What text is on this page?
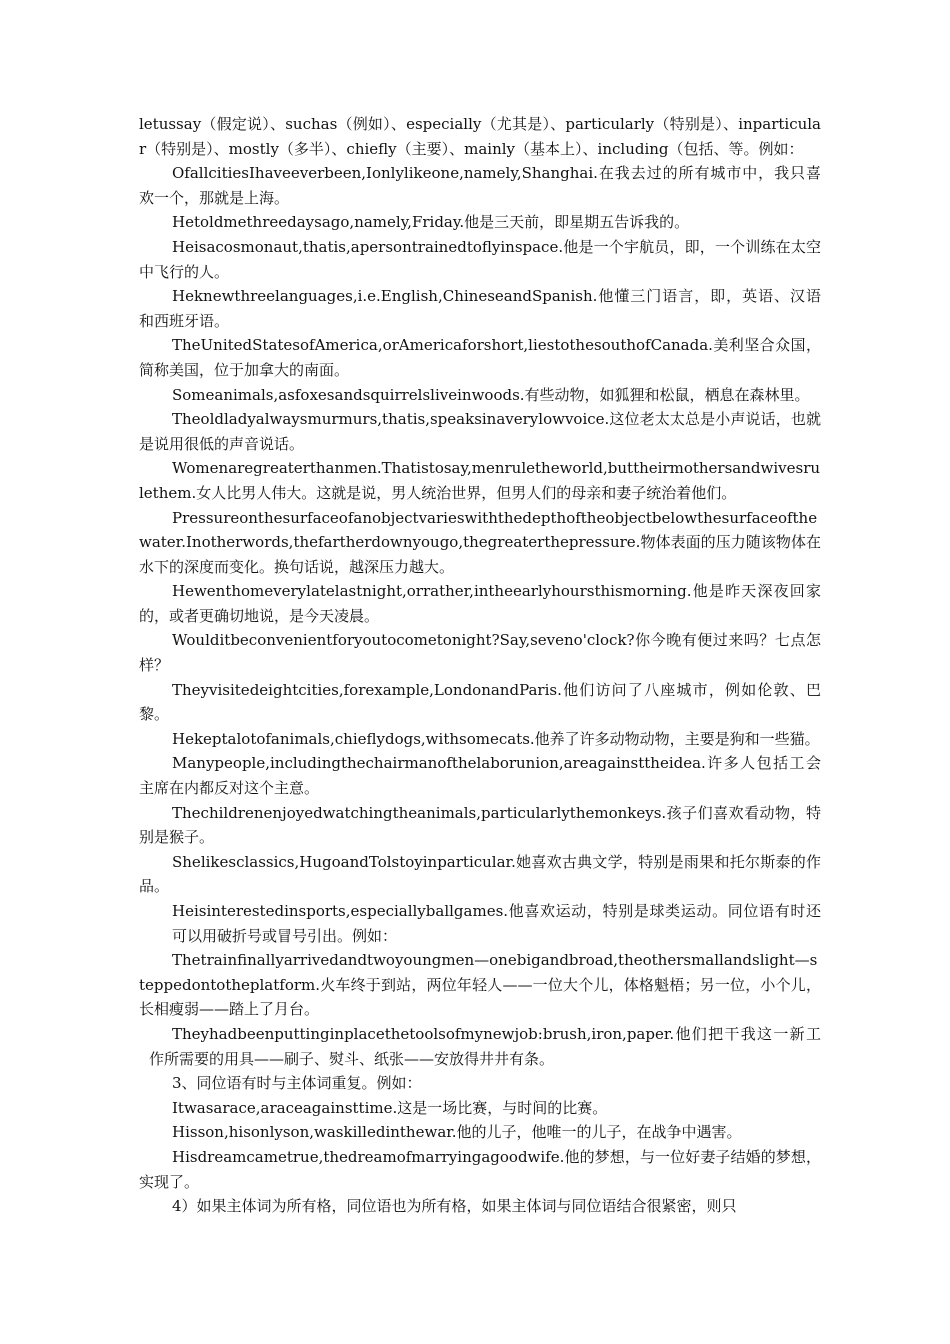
letussay（假定说）、suchas（例如）、especially（尤其是）、particularly（特别是）、inparticular（特别是）、mostly（多半）、chiefly（主要）、mainly（基本上）、including（包括、等。例如：

OfallcitiesIhaveeverbeen,Ionlylikeone,namely,Shanghai.在我去过的所有城市中，我只喜欢一个，那就是上海。

Hetoldmethreedaysago,namely,Friday.他是三天前，即星期五告诉我的。

Heisacosmonaut,thatis,apersontrainedtoflyinspace.他是一个宇航员，即，一个训练在太空中飞行的人。

Heknewthreelanguages,i.e.English,ChineseandSpanish.他懂三门语言，即，英语、汉语和西班牙语。

TheUnitedStatesofAmerica,orAmericaforshort,liestothesouthofCanada.美利坚合众国，简称美国，位于加拿大的南面。

Someanimals,asfoxesandsquirrelsliveinwoods.有些动物，如狐狸和松鼠，栖息在森林里。

Theoldladyalwaysmurmurs,thatis,speaksinaverylowvoice.这位老太太总是小声说话，也就是说用很低的声音说话。

Womenaregreaterthanmen.Thatistosay,menruletheworld,buttheirmothersandwivesrulethem.女人比男人伟大。这就是说，男人统治世界，但男人们的母亲和妻子统治着他们。

Pressureonthesurfaceofanobjectvarieswiththedepthoftheobjectbelowthesurfaceofthewater.Inotherwords,thefartherdownyougo,thegreaterthepressure.物体表面的压力随该物体在水下的深度而变化。换句话说，越深压力越大。

Hewenthomeverylatelastnight,orrather,intheearlyhoursthismorning.他是昨天深夜回家的，或者更确切地说，是今天凌晨。

Woulditbeconvenientforyoutocometonight?Say,seveno'clock?你今晚有便过来吗？七点怎样？

Theyvisitedeightcities,forexample,LondonandParis.他们访问了八座城市，例如伦敦、巴黎。

Hekeptalotofanimals,chieflydogs,withsomecats.他养了许多动物动物，主要是狗和一些猫。

Manypeople,includingthechairmanofthelaborunion,areagainsttheidea.许多人包括工会主席在内都反对这个主意。

Thechildrenenjoyedwatchingtheanimals,particularlythemonkeys.孩子们喜欢看动物，特别是猴子。

Shelikesclassics,HugoandTolstoyinparticular.她喜欢古典文学，特别是雨果和托尔斯泰的作品。

Heisinterestedinsports,especiallyballgames.他喜欢运动，特别是球类运动。同位语有时还可以用破折号或冒号引出。例如：

Thetrainfinallyarrivedandtwoyoungmen—onebigandbroad,theothersmallandslight—steppedontotheplatform.火车终于到站，两位年轻人——一位大个儿，体格魁梧；另一位，小个儿，长相瘦弱——踏上了月台。

Theyhadbeenputtinginplacethetoolsofmynewjob:brush,iron,paper.他们把干我这一新工作所需要的用具——刷子、熨斗、纸张——安放得井井有条。

3、同位语有时与主体词重复。例如：

Itwasarace,araceagainsttime.这是一场比赛，与时间的比赛。

Hisson,hisonlyson,waskilledinthewar.他的儿子，他唯一的儿子，在战争中遇害。

Hisdreamcametrue,thedreamofmarryingagoodwife.他的梦想，与一位好妻子结婚的梦想，实现了。

4）如果主体词为所有格，同位语也为所有格，如果主体词与同位语结合很紧密，则只
